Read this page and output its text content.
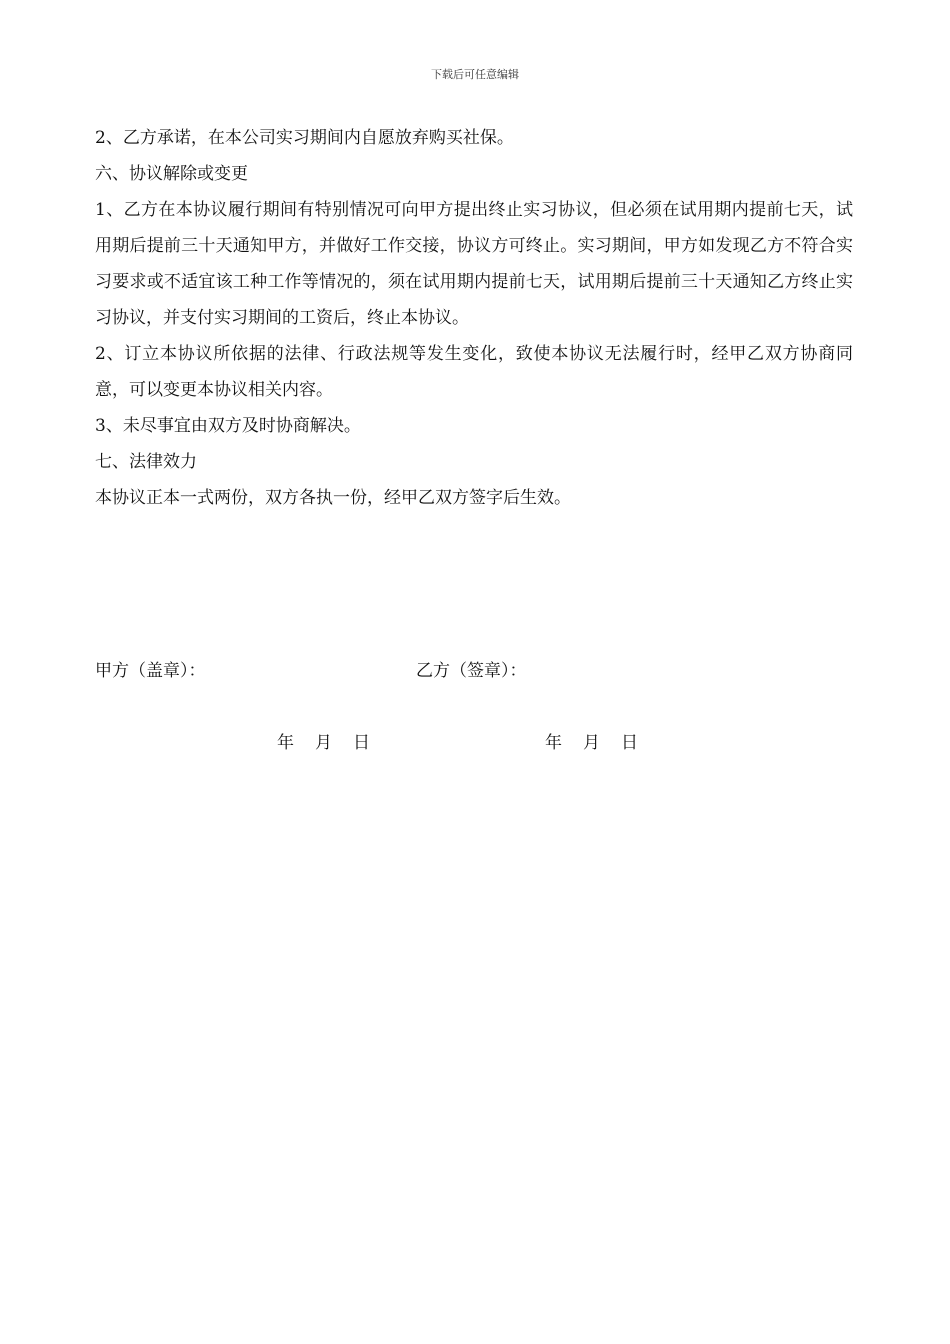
下载后可任意编辑

2、乙方承诺，在本公司实习期间内自愿放弃购买社保。

六、协议解除或变更

1、乙方在本协议履行期间有特别情况可向甲方提出终止实习协议，但必须在试用期内提前七天，试用期后提前三十天通知甲方，并做好工作交接，协议方可终止。实习期间，甲方如发现乙方不符合实习要求或不适宜该工种工作等情况的，须在试用期内提前七天，试用期后提前三十天通知乙方终止实习协议，并支付实习期间的工资后，终止本协议。

2、订立本协议所依据的法律、行政法规等发生变化，致使本协议无法履行时，经甲乙双方协商同意，可以变更本协议相关内容。

3、未尽事宜由双方及时协商解决。

七、法律效力

本协议正本一式两份，双方各执一份，经甲乙双方签字后生效。

甲方（盖章）：	乙方（签章）：
年 月 日	年 月 日
